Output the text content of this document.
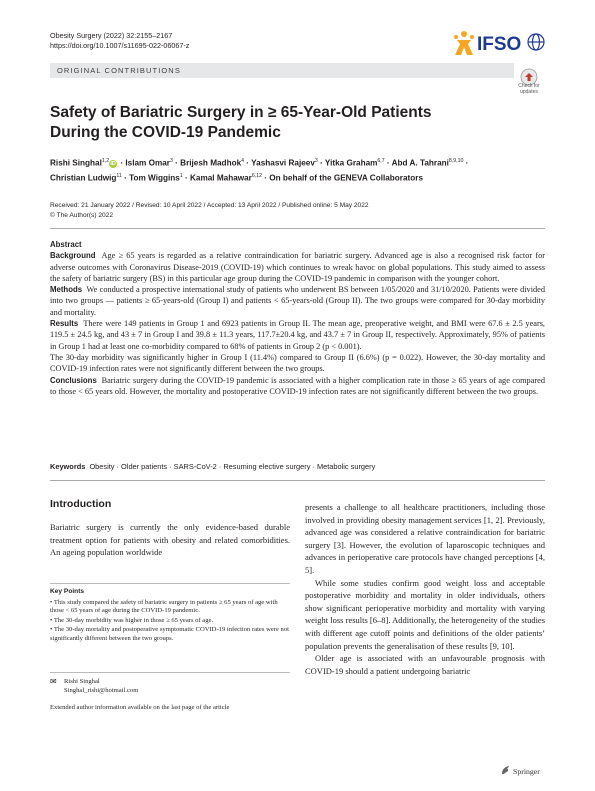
Obesity Surgery (2022) 32:2155–2167
https://doi.org/10.1007/s11695-022-06067-z	IFSO
ORIGINAL CONTRIBUTIONS
Check for
updates
Safety of Bariatric Surgery in ≥ 65-Year-Old Patients During the COVID-19 Pandemic
Rishi Singhal$^{1,2}$iD · Islam Omar$^3$ · Brijesh Madhok$^4$ · Yashasvi Rajeev$^3$ · Yitka Graham$^{6,7}$ · Abd A. Tahrani$^{8,9,10}$ ·
Christian Ludwig$^{11}$ · Tom Wiggins$^1$ · Kamal Mahawar$^{6,12}$ · On behalf of the GENEVA Collaborators
Received: 21 January 2022 / Revised: 10 April 2022 / Accepted: 13 April 2022 / Published online: 5 May 2022
© The Author(s) 2022
Abstract

Background Age ≥ 65 years is regarded as a relative contraindication for bariatric surgery. Advanced age is also a recognised risk factor for adverse outcomes with Coronavirus Disease-2019 (COVID-19) which continues to wreak havoc on global populations. This study aimed to assess the safety of bariatric surgery (BS) in this particular age group during the COVID-19 pandemic in comparison with the younger cohort.

Methods We conducted a prospective international study of patients who underwent BS between 1/05/2020 and 31/10/2020. Patients were divided into two groups — patients ≥ 65-years-old (Group I) and patients < 65-years-old (Group II). The two groups were compared for 30-day morbidity and mortality.

Results There were 149 patients in Group 1 and 6923 patients in Group II. The mean age, preoperative weight, and BMI were 67.6 ± 2.5 years, 119.5 ± 24.5 kg, and 43 ± 7 in Group I and 39.8 ± 11.3 years, 117.7±20.4 kg, and 43.7 ± 7 in Group II, respectively. Approximately, 95% of patients in Group 1 had at least one co-morbidity compared to 68% of patients in Group 2 (p < 0.001).

The 30-day morbidity was significantly higher in Group I (11.4%) compared to Group II (6.6%) (p = 0.022). However, the 30-day mortality and COVID-19 infection rates were not significantly different between the two groups.

Conclusions Bariatric surgery during the COVID-19 pandemic is associated with a higher complication rate in those ≥ 65 years of age compared to those < 65 years old. However, the mortality and postoperative COVID-19 infection rates are not significantly different between the two groups.

Keywords Obesity · Older patients · SARS-CoV-2 · Resuming elective surgery · Metabolic surgery
Introduction

Bariatric surgery is currently the only evidence-based durable treatment option for patients with obesity and related comorbidities. An ageing population worldwide

Key Points
• This study compared the safety of bariatric surgery in patients ≥ 65 years of age with those < 65 years of age during the COVID-19 pandemic.
• The 30-day morbidity was higher in those ≥ 65 years of age.
• The 30-day mortality and postoperative symptomatic COVID-19 infection rates were not significantly different between the two groups.
✉ Rishi Singhal
Singhal_rishi@hotmail.com
Extended author information available on the last page of the article

presents a challenge to all healthcare practitioners, including those involved in providing obesity management services [1, 2]. Previously, advanced age was considered a relative contraindication for bariatric surgery [3]. However, the evolution of laparoscopic techniques and advances in perioperative care protocols have changed perceptions [4, 5].

While some studies confirm good weight loss and acceptable postoperative morbidity and mortality in older individuals, others show significant perioperative morbidity and mortality with varying weight loss results [6–8]. Additionally, the heterogeneity of the studies with different age cutoff points and definitions of the older patients’ population prevents the generalisation of these results [9, 10].

Older age is associated with an unfavourable prognosis with COVID-19 should a patient undergoing bariatric

Springer
